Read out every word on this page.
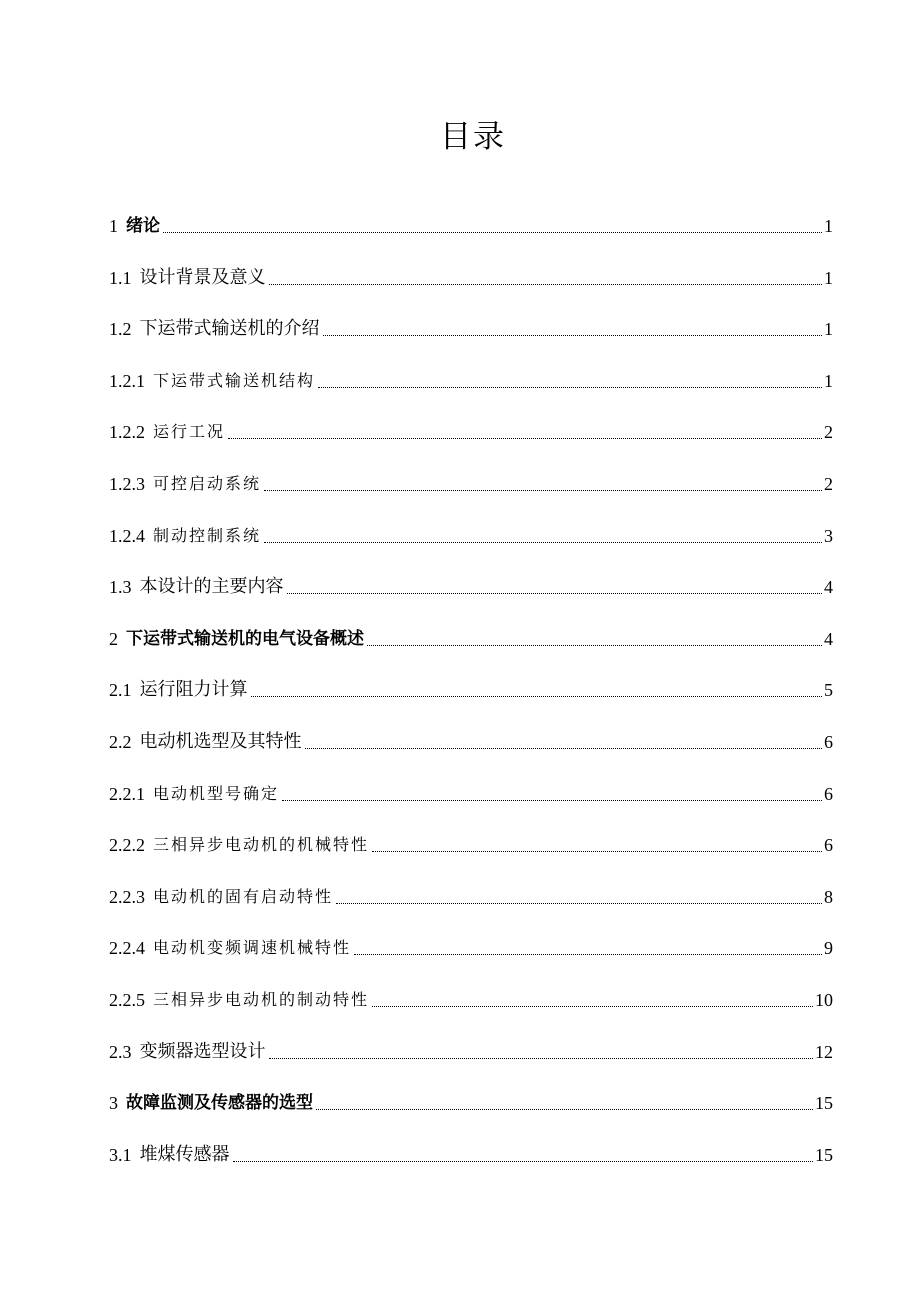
目录
1 绪论	1
1.1 设计背景及意义	1
1.2 下运带式输送机的介绍	1
1.2.1 下运带式输送机结构	1
1.2.2 运行工况	2
1.2.3 可控启动系统	2
1.2.4 制动控制系统	3
1.3 本设计的主要内容	4
2 下运带式输送机的电气设备概述	4
2.1 运行阻力计算	5
2.2 电动机选型及其特性	6
2.2.1 电动机型号确定	6
2.2.2 三相异步电动机的机械特性	6
2.2.3 电动机的固有启动特性	8
2.2.4 电动机变频调速机械特性	9
2.2.5 三相异步电动机的制动特性	10
2.3 变频器选型设计	12
3 故障监测及传感器的选型	15
3.1 堆煤传感器	15
